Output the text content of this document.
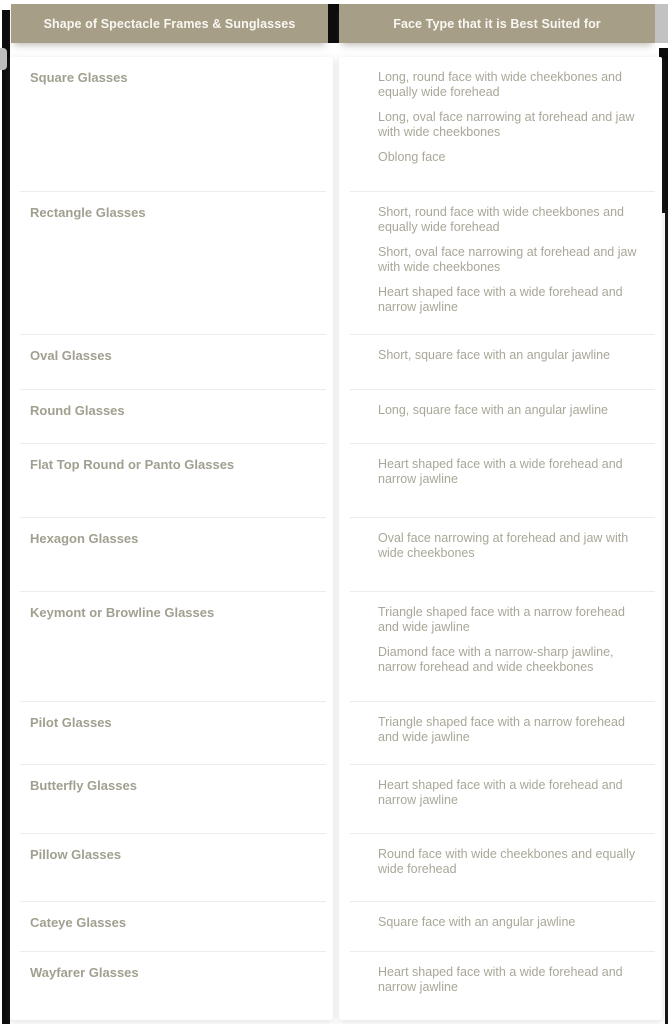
Shape of Spectacle Frames & Sunglasses	Face Type that it is Best Suited for
Square Glasses
Rectangle Glasses
Oval Glasses
Round Glasses
Flat Top Round or Panto Glasses
Hexagon Glasses
Keymont or Browline Glasses
Pilot Glasses
Butterfly Glasses
Pillow Glasses
Cateye Glasses
Wayfarer Glasses

Long, round face with wide cheekbones and equally wide forehead

Long, oval face narrowing at forehead and jaw with wide cheekbones

Oblong face

Short, round face with wide cheekbones and equally wide forehead

Short, oval face narrowing at forehead and jaw with wide cheekbones

Heart shaped face with a wide forehead and narrow jawline

Short, square face with an angular jawline

Long, square face with an angular jawline

Heart shaped face with a wide forehead and narrow jawline

Oval face narrowing at forehead and jaw with wide cheekbones

Triangle shaped face with a narrow forehead and wide jawline

Diamond face with a narrow-sharp jawline, narrow forehead and wide cheekbones

Triangle shaped face with a narrow forehead and wide jawline

Heart shaped face with a wide forehead and narrow jawline

Round face with wide cheekbones and equally wide forehead

Square face with an angular jawline

Heart shaped face with a wide forehead and narrow jawline
